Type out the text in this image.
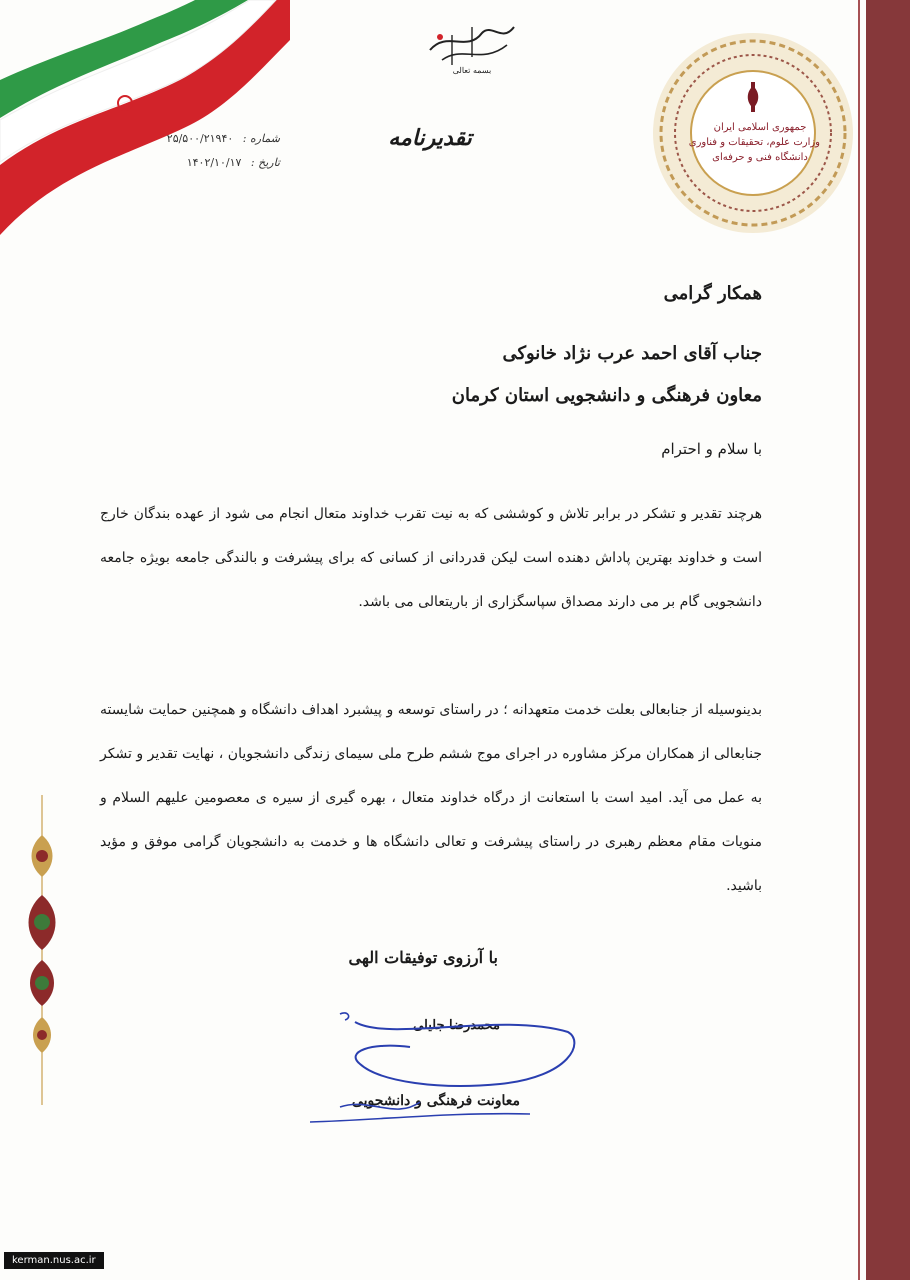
بسمه تعالی
تقدیرنامه
شماره : ۲۵/۵۰۰/۲۱۹۴۰
تاریخ : ۱۴۰۲/۱۰/۱۷
جمهوری اسلامی ایران
وزارت علوم، تحقیقات و فناوری
دانشگاه فنی و حرفه‌ای
همکار گرامی
جناب آقای احمد عرب نژاد خانوکی
معاون فرهنگی و دانشجویی استان کرمان
با سلام و احترام
هرچند تقدیر و تشکر در برابر تلاش و کوششی که به نیت تقرب خداوند متعال انجام می شود از عهده بندگان خارج است و خداوند بهترین پاداش دهنده است لیکن قدردانی از کسانی که برای پیشرفت و بالندگی جامعه بویژه جامعه دانشجویی گام بر می دارند مصداق سپاسگزاری از باریتعالی می باشد.
بدینوسیله از جنابعالی بعلت خدمت متعهدانه ؛ در راستای توسعه و پیشبرد اهداف دانشگاه و همچنین حمایت شایسته جنابعالی از همکاران مرکز مشاوره در اجرای موج ششم طرح ملی سیمای زندگی دانشجویان ، نهایت تقدیر و تشکر به عمل می آید. امید است با استعانت از درگاه خداوند متعال ، بهره گیری از سیره ی معصومین علیهم السلام و منویات مقام معظم رهبری در راستای پیشرفت و تعالی دانشگاه ها و خدمت به دانشجویان گرامی موفق و مؤید باشید.
با آرزوی توفیقات الهی
محمدرضا جلیلی
معاونت فرهنگی و دانشجویی
kerman.nus.ac.ir
